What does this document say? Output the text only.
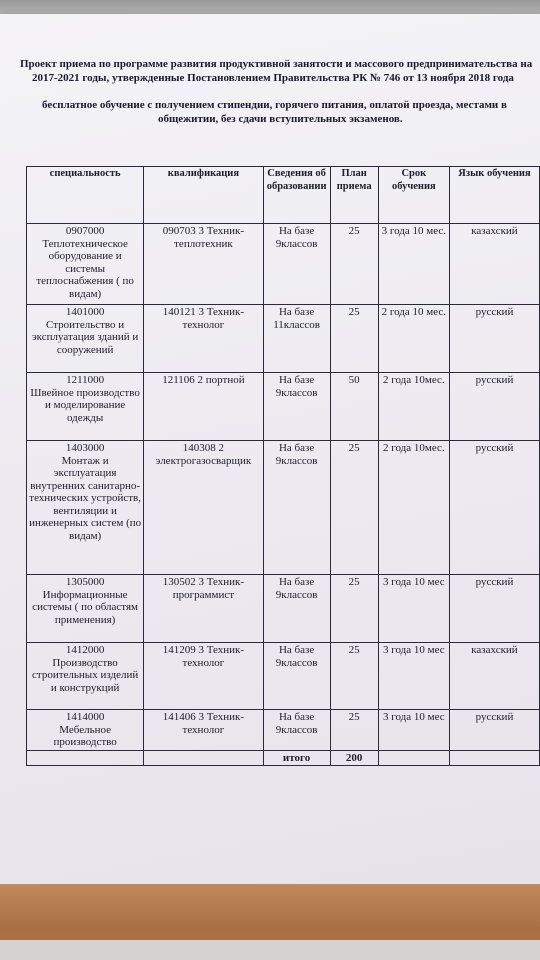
Проект приема по программе развития продуктивной занятости и массового предпринимательства на
2017-2021 годы, утвержденные Постановлением Правительства РК № 746 от 13 ноября 2018 года
бесплатное обучение с получением стипендии, горячего питания, оплатой проезда, местами в
общежитии, без сдачи вступительных экзаменов.
специальность	квалификация	Сведения об образовании	План приема	Срок обучения	Язык обучения

0907000
Теплотехническое оборудование и системы теплоснабжения ( по видам)	090703 3 Техник-теплотехник	На базе 9классов	25	3 года 10 мес.	казахский

1401000
Строительство и эксплуатация зданий и сооружений	140121 3 Техник- технолог	На базе 11классов	25	2 года 10 мес.	русский

1211000
Швейное производство и моделирование одежды	121106 2 портной	На базе 9классов	50	2 года 10мес.	русский

1403000
Монтаж и эксплуатация внутренних санитарно-технических устройств, вентиляции и инженерных систем (по видам)	140308 2 электрогазосварщик	На базе 9классов	25	2 года 10мес.	русский

1305000
Информационные системы ( по областям применения)	130502 3 Техник-программист	На базе 9классов	25	3 года 10 мес	русский

1412000
Производство строительных изделий и конструкций	141209 3 Техник-технолог	На базе 9классов	25	3 года 10 мес	казахский

1414000
Мебельное производство	141406 3 Техник-технолог	На базе 9классов	25	3 года 10 мес	русский
		итого	200		
